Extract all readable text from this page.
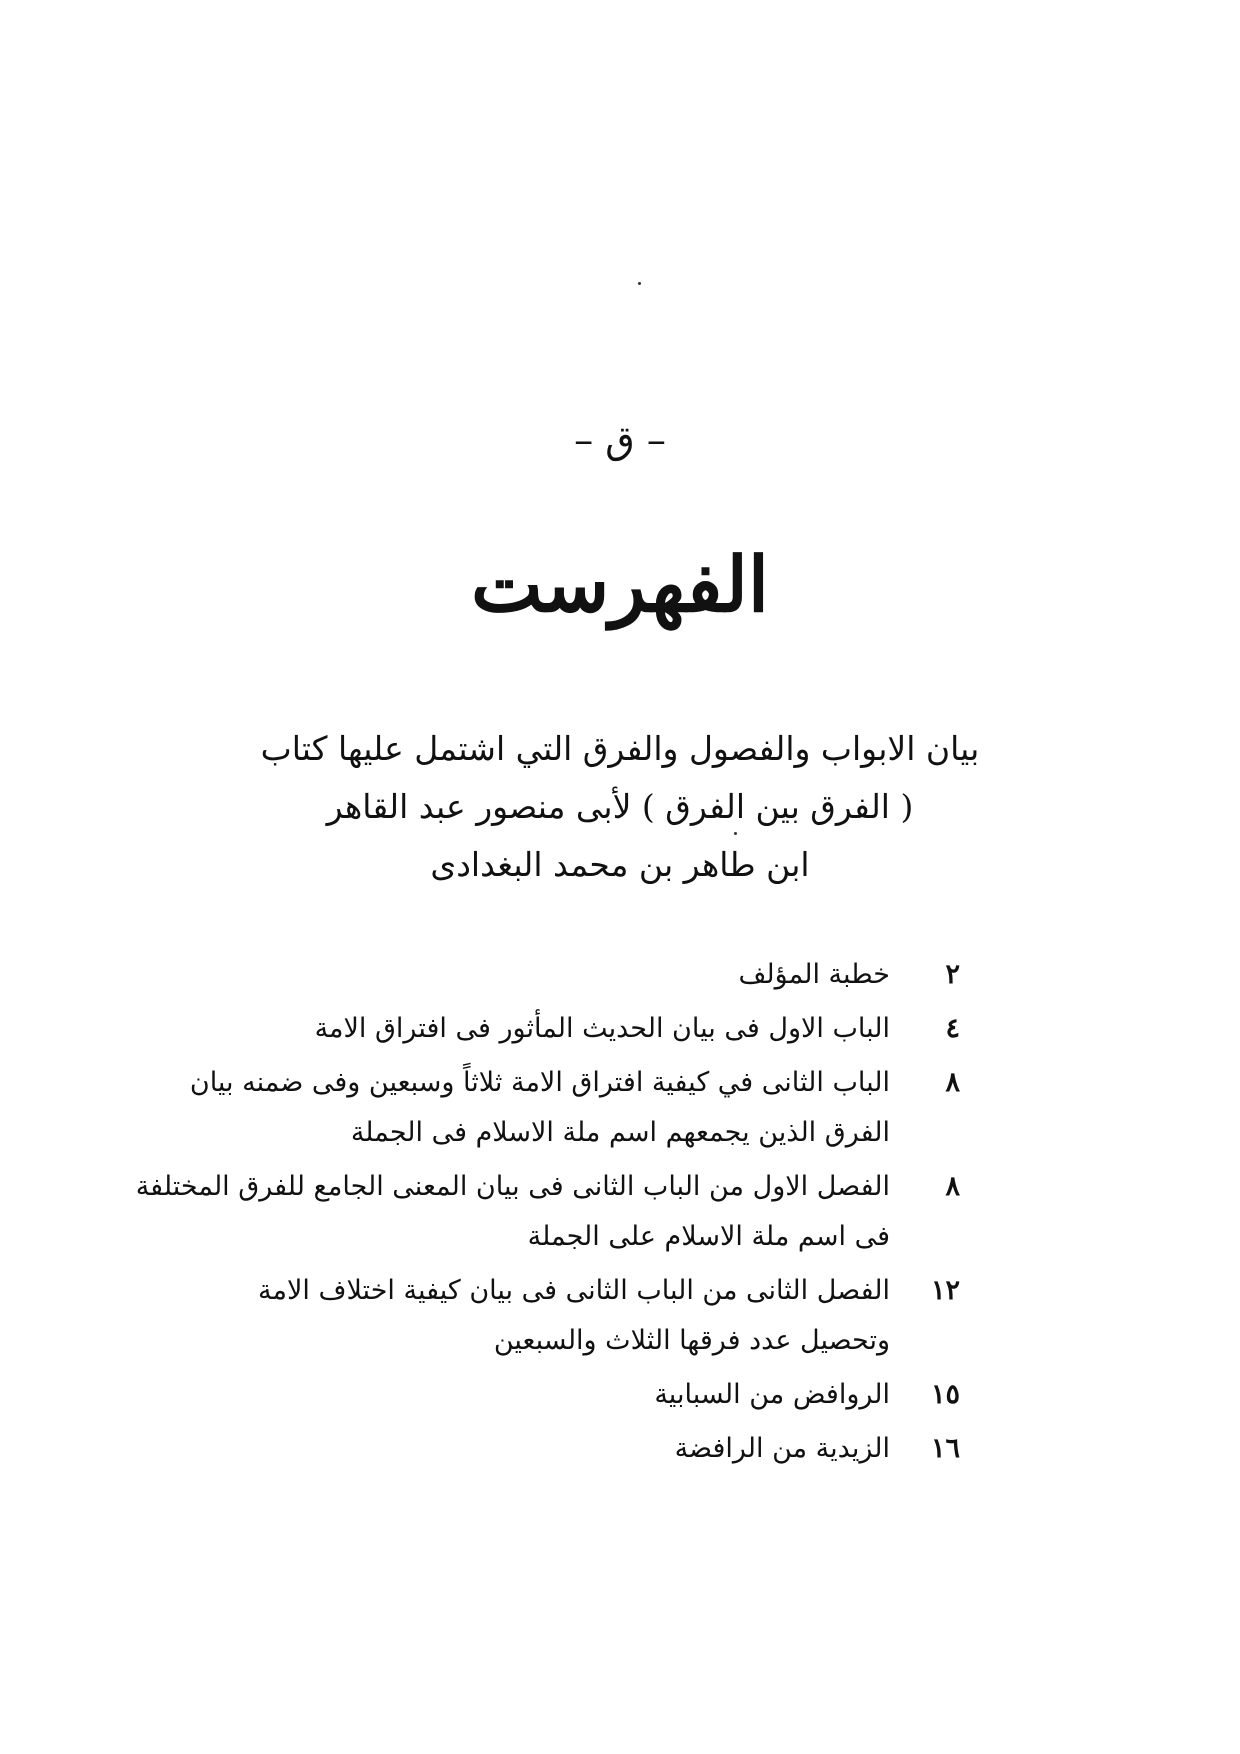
– ق –
الفهرست
بيان الابواب والفصول والفرق التي اشتمل عليها كتاب
( الفرق بين الفرق ) لأبى منصور عبد القاهر
ابن طاهر بن محمد البغدادى
٢
خطبة المؤلف
٤
الباب الاول فى بيان الحديث المأثور فى افتراق الامة
٨
الباب الثانى في كيفية افتراق الامة ثلاثاً وسبعين وفى ضمنه بيان
الفرق الذين يجمعهم اسم ملة الاسلام فى الجملة
٨
الفصل الاول من الباب الثانى فى بيان المعنى الجامع للفرق المختلفة
فى اسم ملة الاسلام على الجملة
١٢
الفصل الثانى من الباب الثانى فى بيان كيفية اختلاف الامة
وتحصيل عدد فرقها الثلاث والسبعين
١٥
الروافض من السبابية
١٦
الزيدية من الرافضة
